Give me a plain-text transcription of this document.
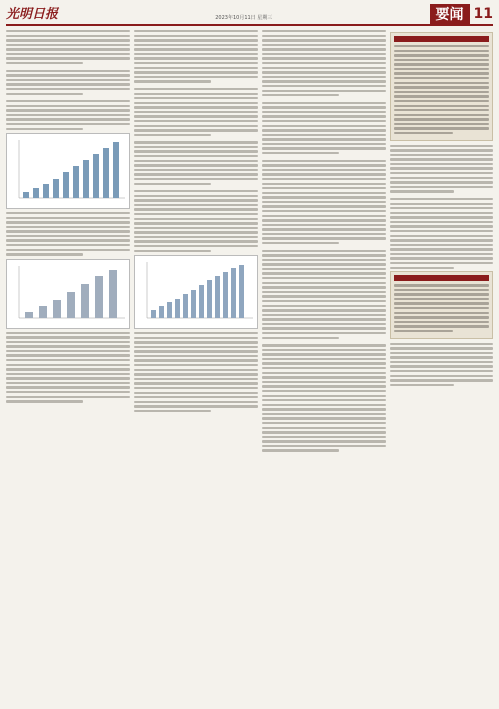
光明日报	2023年10月11日 星期三	要闻 11
